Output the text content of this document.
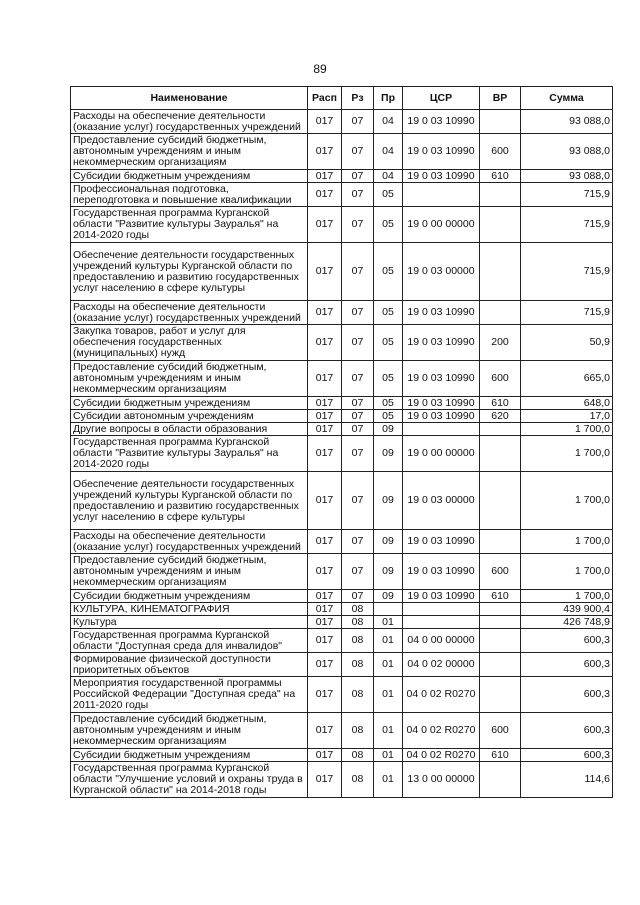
89
Наименование	Расп	Рз	Пр	ЦСР	ВР	Сумма
Расходы на обеспечение деятельности (оказание услуг) государственных учреждений	017	07	04	19 0 03 10990		93 088,0
Предоставление субсидий бюджетным, автономным учреждениям и иным некоммерческим организациям	017	07	04	19 0 03 10990	600	93 088,0
Субсидии бюджетным учреждениям	017	07	04	19 0 03 10990	610	93 088,0
Профессиональная подготовка, переподготовка и повышение квалификации	017	07	05			715,9
Государственная программа Курганской области "Развитие культуры Зауралья" на 2014-2020 годы	017	07	05	19 0 00 00000		715,9
Обеспечение деятельности государственных учреждений культуры Курганской области по предоставлению и развитию государственных услуг населению в сфере культуры	017	07	05	19 0 03 00000		715,9
Расходы на обеспечение деятельности (оказание услуг) государственных учреждений	017	07	05	19 0 03 10990		715,9
Закупка товаров, работ и услуг для обеспечения государственных (муниципальных) нужд	017	07	05	19 0 03 10990	200	50,9
Предоставление субсидий бюджетным, автономным учреждениям и иным некоммерческим организациям	017	07	05	19 0 03 10990	600	665,0
Субсидии бюджетным учреждениям	017	07	05	19 0 03 10990	610	648,0
Субсидии автономным учреждениям	017	07	05	19 0 03 10990	620	17,0
Другие вопросы в области образования	017	07	09			1 700,0
Государственная программа Курганской области "Развитие культуры Зауралья" на 2014-2020 годы	017	07	09	19 0 00 00000		1 700,0
Обеспечение деятельности государственных учреждений культуры Курганской области по предоставлению и развитию государственных услуг населению в сфере культуры	017	07	09	19 0 03 00000		1 700,0
Расходы на обеспечение деятельности (оказание услуг) государственных учреждений	017	07	09	19 0 03 10990		1 700,0
Предоставление субсидий бюджетным, автономным учреждениям и иным некоммерческим организациям	017	07	09	19 0 03 10990	600	1 700,0
Субсидии бюджетным учреждениям	017	07	09	19 0 03 10990	610	1 700,0
КУЛЬТУРА, КИНЕМАТОГРАФИЯ	017	08				439 900,4
Культура	017	08	01			426 748,9
Государственная программа Курганской области "Доступная среда для инвалидов"	017	08	01	04 0 00 00000		600,3
Формирование физической доступности приоритетных объектов	017	08	01	04 0 02 00000		600,3
Мероприятия государственной программы Российской Федерации "Доступная среда" на 2011-2020 годы	017	08	01	04 0 02 R0270		600,3
Предоставление субсидий бюджетным, автономным учреждениям и иным некоммерческим организациям	017	08	01	04 0 02 R0270	600	600,3
Субсидии бюджетным учреждениям	017	08	01	04 0 02 R0270	610	600,3
Государственная программа Курганской области "Улучшение условий и охраны труда в Курганской области" на 2014-2018 годы	017	08	01	13 0 00 00000		114,6
